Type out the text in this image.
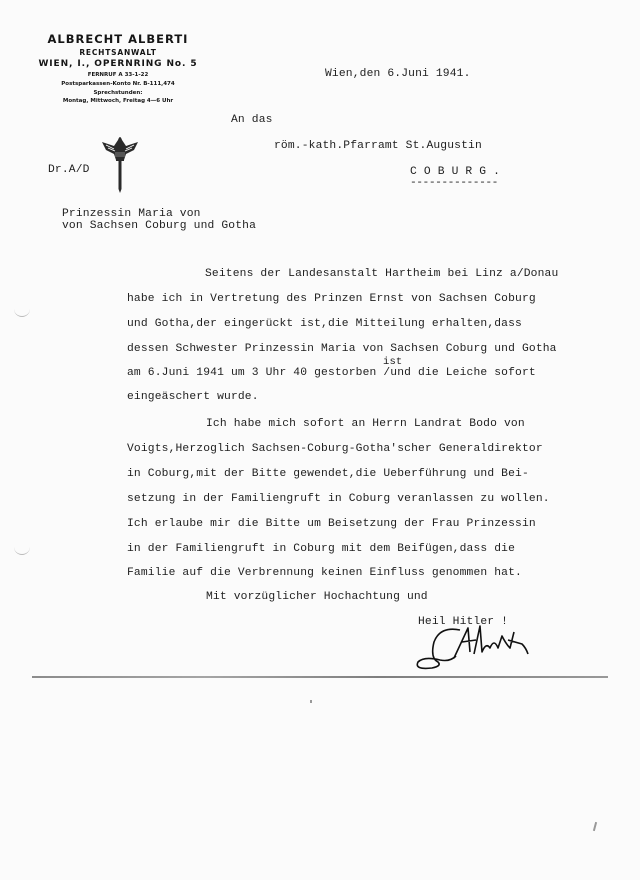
ALBRECHT ALBERTI
RECHTSANWALT
WIEN, I., OPERNRING No. 5
FERNRUF A 33-1-22
Postsparkassen-Konto Nr. B-111,474
Sprechstunden:
Montag, Mittwoch, Freitag 4—6 Uhr
Dr.A/D
Wien,den 6.Juni 1941.
An das
röm.-kath.Pfarramt St.Augustin
C O B U R G .
--------------
Prinzessin Maria von
von Sachsen Coburg und Gotha
Seitens der Landesanstalt Hartheim bei Linz a/Donau
habe ich in Vertretung des Prinzen Ernst von Sachsen Coburg
und Gotha,der eingerückt ist,die Mitteilung erhalten,dass
dessen Schwester Prinzessin Maria von Sachsen Coburg und Gotha
ist
am 6.Juni 1941 um 3 Uhr 40 gestorben /und die Leiche sofort
eingeäschert wurde.
Ich habe mich sofort an Herrn Landrat Bodo von
Voigts,Herzoglich Sachsen-Coburg-Gotha'scher Generaldirektor
in Coburg,mit der Bitte gewendet,die Ueberführung und Bei-
setzung in der Familiengruft in Coburg veranlassen zu wollen.
Ich erlaube mir die Bitte um Beisetzung der Frau Prinzessin
in der Familiengruft in Coburg mit dem Beifügen,dass die
Familie auf die Verbrennung keinen Einfluss genommen hat.
Mit vorzüglicher Hochachtung und
Heil Hitler !
